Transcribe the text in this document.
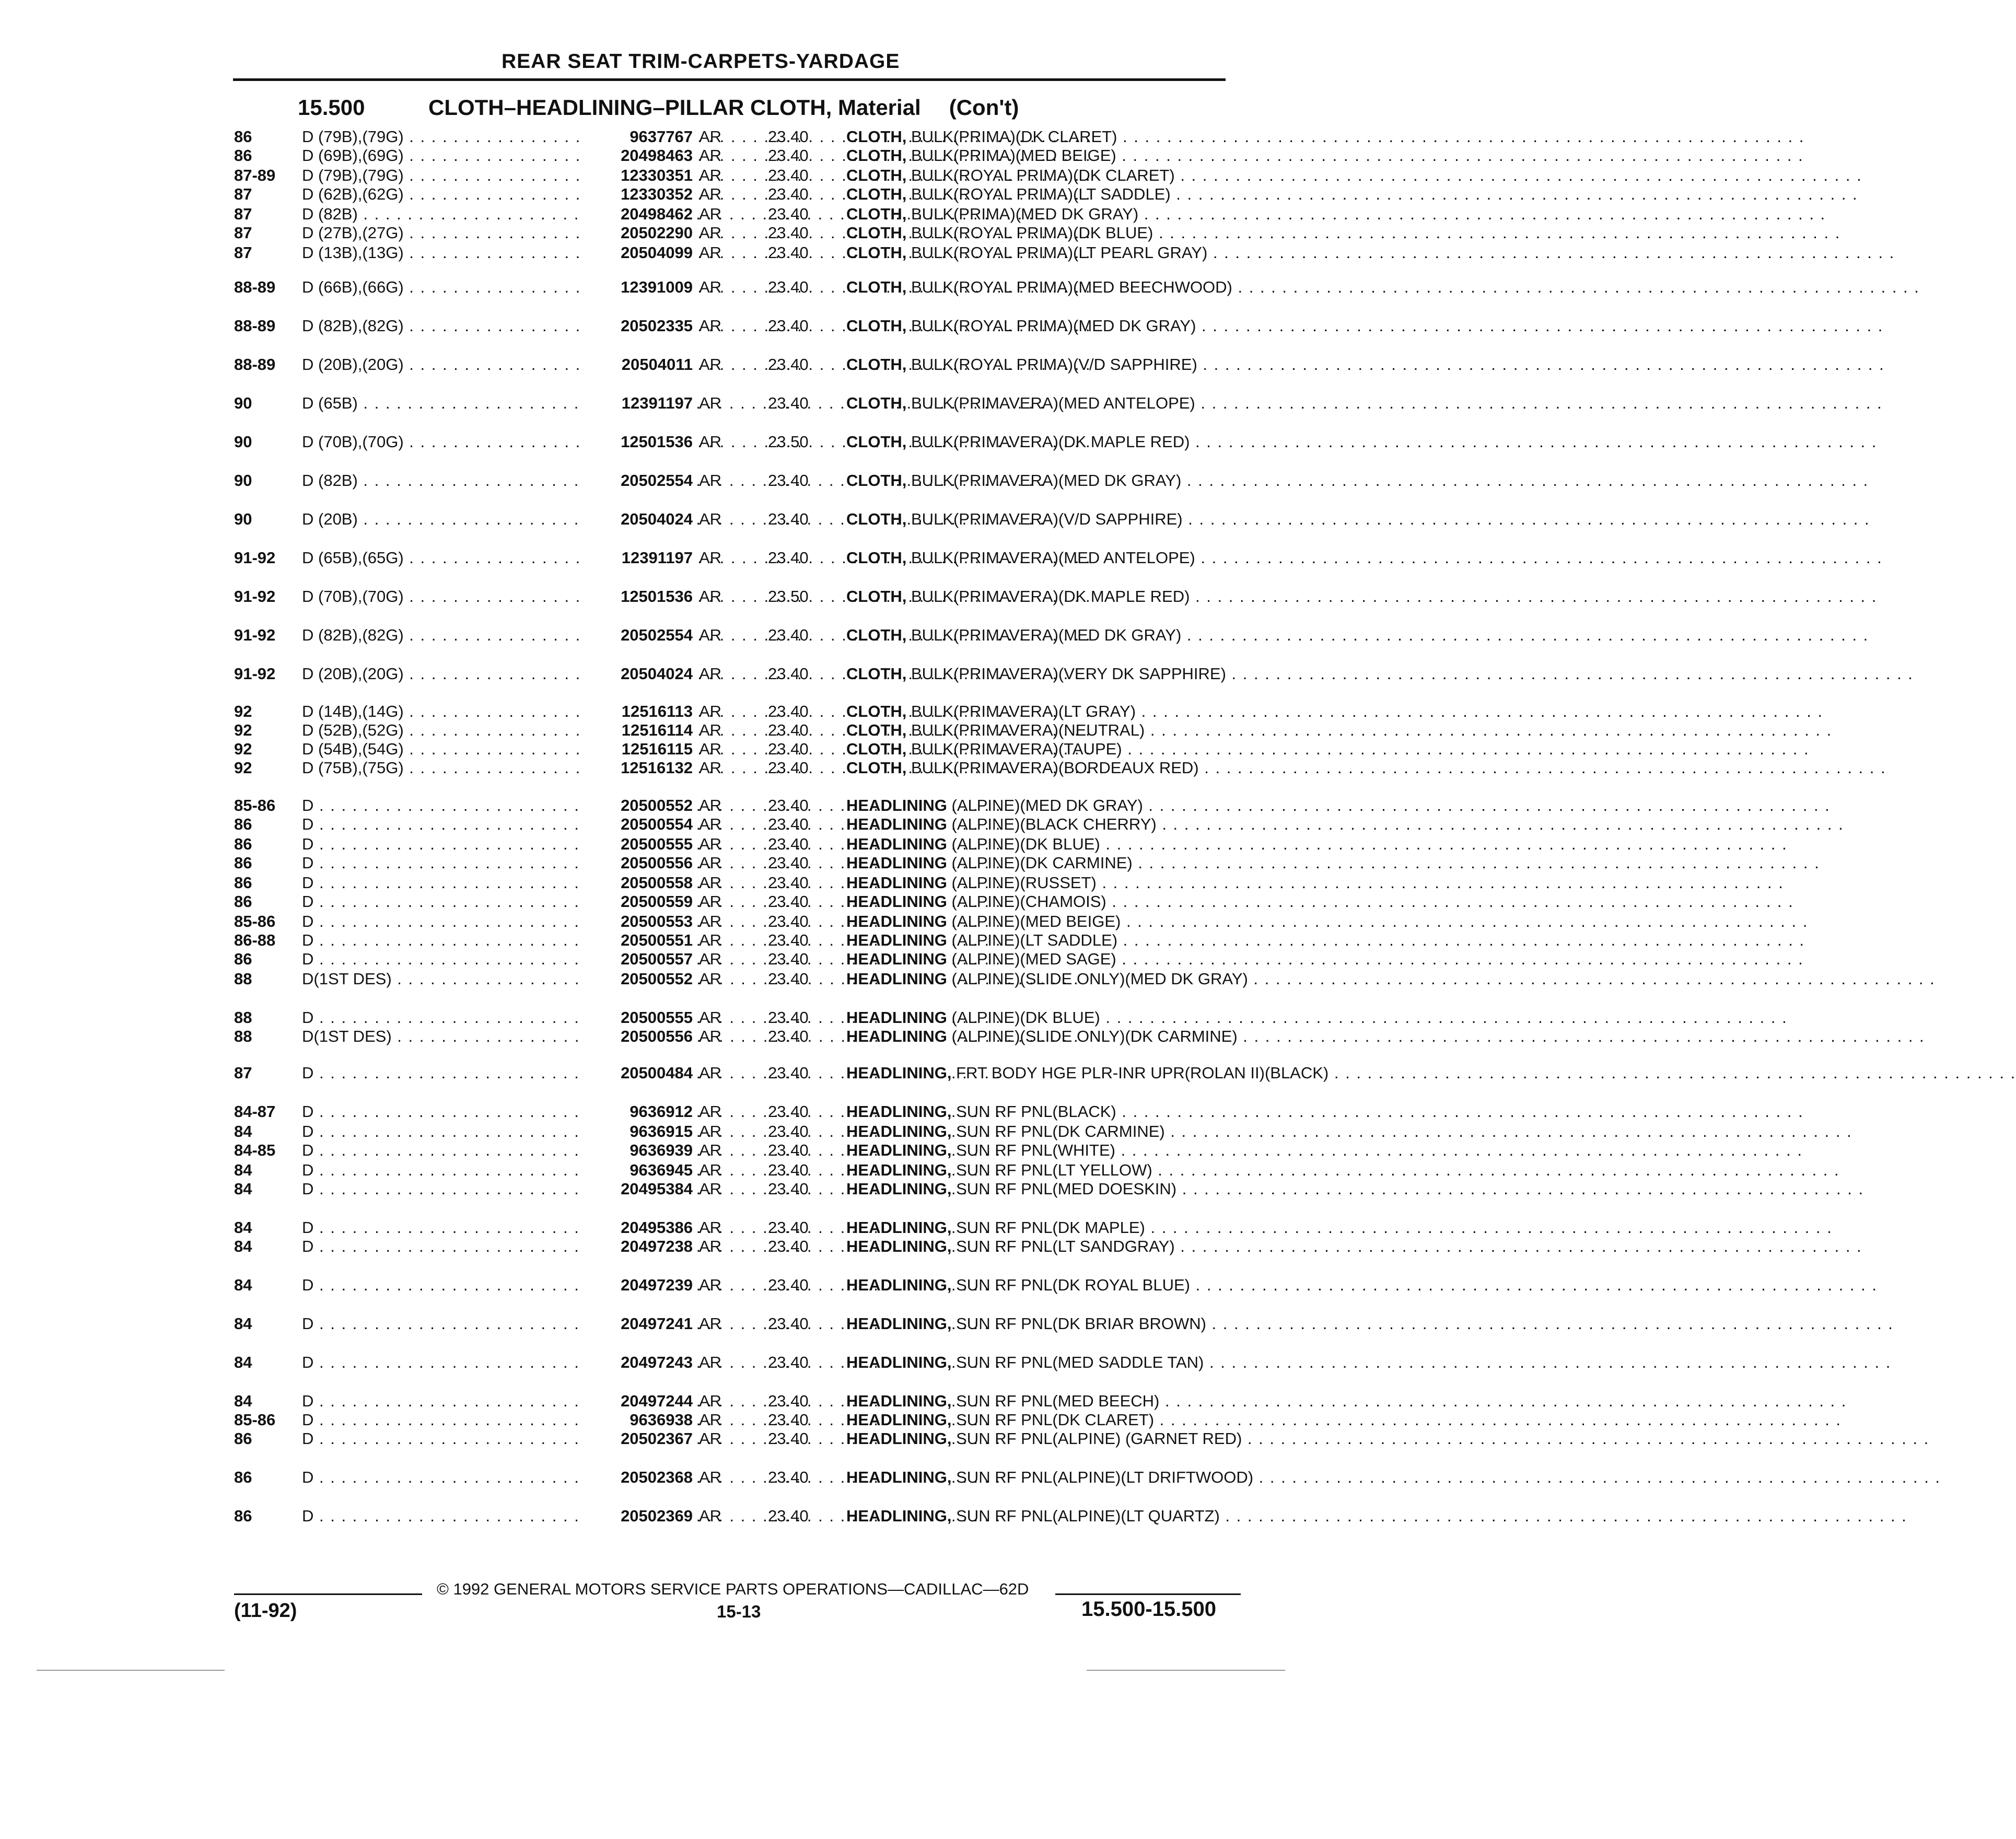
REAR SEAT TRIM-CARPETS-YARDAGE
15.500	CLOTH–HEADLINING–PILLAR CLOTH, Material (Con't)
86	D (79B),(79G) . . .	9637767 AR	23.40	CLOTH, BULK(PRIMA)(DK CLARET) . . .
86	D (69B),(69G) . . .	20498463 AR	23.40	CLOTH, BULK(PRIMA)(MED BEIGE) . . .
87-89	D (79B),(79G) . . .	12330351 AR	23.40	CLOTH, BULK(ROYAL PRIMA)(DK CLARET) . . .
87	D (62B),(62G) . . .	12330352 AR	23.40	CLOTH, BULK(ROYAL PRIMA)(LT SADDLE) . . .
87	D (82B) . . .	20498462 AR	23.40	CLOTH, BULK(PRIMA)(MED DK GRAY) . . .
87	D (27B),(27G) . . .	20502290 AR	23.40	CLOTH, BULK(ROYAL PRIMA)(DK BLUE) . . .
87	D (13B),(13G) . . .	20504099 AR	23.40	CLOTH, BULK(ROYAL PRIMA)(LT PEARL GRAY) . . .
88-89	D (66B),(66G) . . .	12391009 AR	23.40	CLOTH, BULK(ROYAL PRIMA)(MED BEECHWOOD) . . .
88-89	D (82B),(82G) . . .	20502335 AR	23.40	CLOTH, BULK(ROYAL PRIMA)(MED DK GRAY) . . .
88-89	D (20B),(20G) . . .	20504011 AR	23.40	CLOTH, BULK(ROYAL PRIMA)(V/D SAPPHIRE) . . .
90	D (65B) . . .	12391197 AR	23.40	CLOTH, BULK(PRIMAVERA)(MED ANTELOPE) . . .
90	D (70B),(70G) . . .	12501536 AR	23.50	CLOTH, BULK(PRIMAVERA)(DK MAPLE RED) . . .
90	D (82B) . . .	20502554 AR	23.40	CLOTH, BULK(PRIMAVERA)(MED DK GRAY) . . .
90	D (20B) . . .	20504024 AR	23.40	CLOTH, BULK(PRIMAVERA)(V/D SAPPHIRE) . . .
91-92	D (65B),(65G) . . .	12391197 AR	23.40	CLOTH, BULK(PRIMAVERA)(MED ANTELOPE) . . .
91-92	D (70B),(70G) . . .	12501536 AR	23.50	CLOTH, BULK(PRIMAVERA)(DK MAPLE RED) . . .
91-92	D (82B),(82G) . . .	20502554 AR	23.40	CLOTH, BULK(PRIMAVERA)(MED DK GRAY) . . .
91-92	D (20B),(20G) . . .	20504024 AR	23.40	CLOTH, BULK(PRIMAVERA)(VERY DK SAPPHIRE) . . .
92	D (14B),(14G) . . .	12516113 AR	23.40	CLOTH, BULK(PRIMAVERA)(LT GRAY) . . .
92	D (52B),(52G) . . .	12516114 AR	23.40	CLOTH, BULK(PRIMAVERA)(NEUTRAL) . . .
92	D (54B),(54G) . . .	12516115 AR	23.40	CLOTH, BULK(PRIMAVERA)(TAUPE) . . .
92	D (75B),(75G) . . .	12516132 AR	23.40	CLOTH, BULK(PRIMAVERA)(BORDEAUX RED) . . .
85-86	D . . .	20500552 AR	23.40	HEADLINING (ALPINE)(MED DK GRAY) . . .
86	D . . .	20500554 AR	23.40	HEADLINING (ALPINE)(BLACK CHERRY) . . .
86	D . . .	20500555 AR	23.40	HEADLINING (ALPINE)(DK BLUE) . . .
86	D . . .	20500556 AR	23.40	HEADLINING (ALPINE)(DK CARMINE) . . .
86	D . . .	20500558 AR	23.40	HEADLINING (ALPINE)(RUSSET) . . .
86	D . . .	20500559 AR	23.40	HEADLINING (ALPINE)(CHAMOIS) . . .
85-86	D . . .	20500553 AR	23.40	HEADLINING (ALPINE)(MED BEIGE) . . .
86-88	D . . .	20500551 AR	23.40	HEADLINING (ALPINE)(LT SADDLE) . . .
86	D . . .	20500557 AR	23.40	HEADLINING (ALPINE)(MED SAGE) . . .
88	D(1ST DES) . . .	20500552 AR	23.40	HEADLINING (ALPINE)(SLIDE ONLY)(MED DK GRAY) . . .
88	D . . .	20500555 AR	23.40	HEADLINING (ALPINE)(DK BLUE) . . .
88	D(1ST DES) . . .	20500556 AR	23.40	HEADLINING (ALPINE)(SLIDE ONLY)(DK CARMINE) . . .
87	D . . .	20500484 AR	23.40	HEADLINING, FRT BODY HGE PLR-INR UPR(ROLAN II)(BLACK) . . .
84-87	D . . .	9636912 AR	23.40	HEADLINING, SUN RF PNL(BLACK) . . .
84	D . . .	9636915 AR	23.40	HEADLINING, SUN RF PNL(DK CARMINE) . . .
84-85	D . . .	9636939 AR	23.40	HEADLINING, SUN RF PNL(WHITE) . . .
84	D . . .	9636945 AR	23.40	HEADLINING, SUN RF PNL(LT YELLOW) . . .
84	D . . .	20495384 AR	23.40	HEADLINING, SUN RF PNL(MED DOESKIN) . . .
84	D . . .	20495386 AR	23.40	HEADLINING, SUN RF PNL(DK MAPLE) . . .
84	D . . .	20497238 AR	23.40	HEADLINING, SUN RF PNL(LT SANDGRAY) . . .
84	D . . .	20497239 AR	23.40	HEADLINING, SUN RF PNL(DK ROYAL BLUE) . . .
84	D . . .	20497241 AR	23.40	HEADLINING, SUN RF PNL(DK BRIAR BROWN) . . .
84	D . . .	20497243 AR	23.40	HEADLINING, SUN RF PNL(MED SADDLE TAN) . . .
84	D . . .	20497244 AR	23.40	HEADLINING, SUN RF PNL(MED BEECH) . . .
85-86	D . . .	9636938 AR	23.40	HEADLINING, SUN RF PNL(DK CLARET) . . .
86	D . . .	20502367 AR	23.40	HEADLINING, SUN RF PNL(ALPINE) (GARNET RED) . . .
86	D . . .	20502368 AR	23.40	HEADLINING, SUN RF PNL(ALPINE)(LT DRIFTWOOD) . . .
86	D . . .	20502369 AR	23.40	HEADLINING, SUN RF PNL(ALPINE)(LT QUARTZ) . . .
© 1992 GENERAL MOTORS SERVICE PARTS OPERATIONS—CADILLAC—62D
(11-92)	15-13	15.500-15.500
